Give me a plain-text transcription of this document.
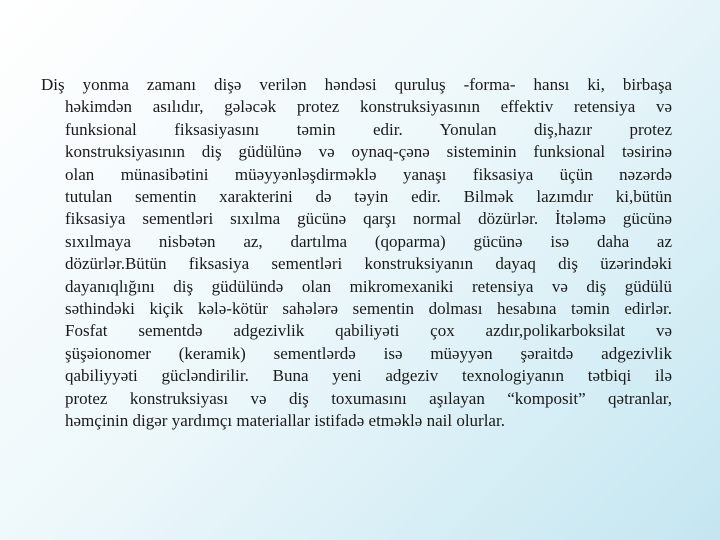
Diş yonma zamanı dişə verilən həndəsi quruluş -forma- hansı ki, birbaşa
həkimdən asılıdır, gələcək protez konstruksiyasının effektiv retensiya və
funksional fiksasiyasını təmin edir. Yonulan diş,hazır protez
konstruksiyasının diş güdülünə və oynaq-çənə sisteminin funksional təsirinə
olan münasibətini müəyyənləşdirməklə yanaşı fiksasiya üçün nəzərdə
tutulan sementin xarakterini də təyin edir. Bilmək lazımdır ki,bütün
fiksasiya sementləri sıxılma gücünə qarşı normal dözürlər. İtələmə gücünə
sıxılmaya nisbətən az, dartılma (qoparma) gücünə isə daha az
dözürlər.Bütün fiksasiya sementləri konstruksiyanın dayaq diş üzərindəki
dayanıqlığını diş güdülündə olan mikromexaniki retensiya və diş güdülü
səthindəki kiçik kələ-kötür sahələrə sementin dolması hesabına təmin edirlər.
Fosfat sementdə adgezivlik qabiliyəti çox azdır,polikarboksilat və
şüşəionomer (keramik) sementlərdə isə müəyyən şəraitdə adgezivlik
qabiliyyəti gücləndirilir. Buna yeni adgeziv texnologiyanın tətbiqi ilə
protez konstruksiyası və diş toxumasını aşılayan “komposit” qətranlar,
həmçinin digər yardımçı materiallar istifadə etməklə nail olurlar.
